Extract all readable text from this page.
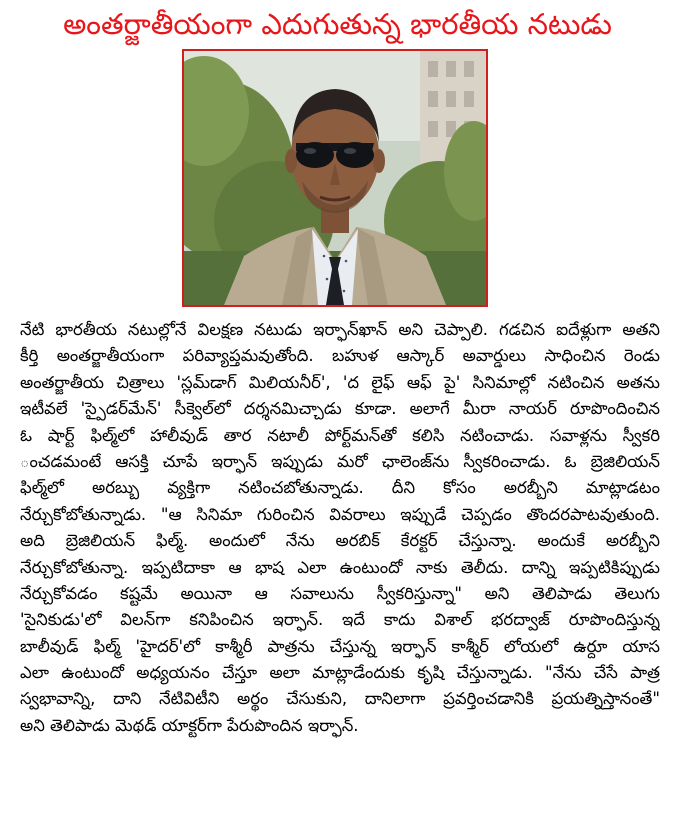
అంతర్జాతీయంగా ఎదుగుతున్న భారతీయ నటుడు
నేటి భారతీయ నటుల్లోనే విలక్షణ నటుడు ఇర్ఫాన్‌ఖాన్ అని చెప్పాలి. గడచిన ఐదేళ్లుగా అతని
కీర్తి అంతర్జాతీయంగా పరివ్యాప్తమవుతోంది. బహుళ ఆస్కార్ అవార్డులు సాధించిన రెండు
అంతర్జాతీయ చిత్రాలు 'స్లమ్‌డాగ్ మిలియనీర్', 'ద లైఫ్ ఆఫ్ పై' సినిమాల్లో నటించిన అతను
ఇటీవలే 'స్పైడర్‌మేన్' సీక్వెల్‌లో దర్శనమిచ్చాడు కూడా. అలాగే మీరా నాయర్ రూపొందించిన
ఓ షార్ట్ ఫిల్మ్‌లో హాలీవుడ్ తార నటాలీ పోర్ట్‌మన్‌తో కలిసి నటించాడు. సవాళ్లను స్వీకరి
ంచడమంటే ఆసక్తి చూపే ఇర్ఫాన్ ఇప్పుడు మరో ఛాలెంజ్‌ను స్వీకరించాడు. ఓ బ్రెజిలియన్
ఫిల్మ్‌లో అరబ్బు వ్యక్తిగా నటించబోతున్నాడు. దీని కోసం అరబ్బీని మాట్లాడటం
నేర్చుకోబోతున్నాడు. "ఆ సినిమా గురించిన వివరాలు ఇప్పుడే చెప్పడం తొందరపాటవుతుంది.
అది బ్రెజిలియన్ ఫిల్మ్. అందులో నేను అరబిక్ కేరక్టర్ చేస్తున్నా. అందుకే అరబ్బీని
నేర్చుకోబోతున్నా. ఇప్పటిదాకా ఆ భాష ఎలా ఉంటుందో నాకు తెలీదు. దాన్ని ఇప్పటికిప్పుడు
నేర్చుకోవడం కష్టమే అయినా ఆ సవాలును స్వీకరిస్తున్నా" అని తెలిపాడు తెలుగు
'సైనికుడు'లో విలన్‌గా కనిపించిన ఇర్ఫాన్. ఇదే కాదు విశాల్ భరద్వాజ్ రూపొందిస్తున్న
బాలీవుడ్ ఫిల్మ్ 'హైదర్'లో కాశ్మీరీ పాత్రను చేస్తున్న ఇర్ఫాన్ కాశ్మీర్ లోయలో ఉర్దూ యాస
ఎలా ఉంటుందో అధ్యయనం చేస్తూ అలా మాట్లాడేందుకు కృషి చేస్తున్నాడు. "నేను చేసే పాత్ర
స్వభావాన్ని, దాని నేటివిటీని అర్థం చేసుకుని, దానిలాగా ప్రవర్తించడానికి ప్రయత్నిస్తానంతే"
అని తెలిపాడు మెథడ్ యాక్టర్‌గా పేరుపొందిన ఇర్ఫాన్.
